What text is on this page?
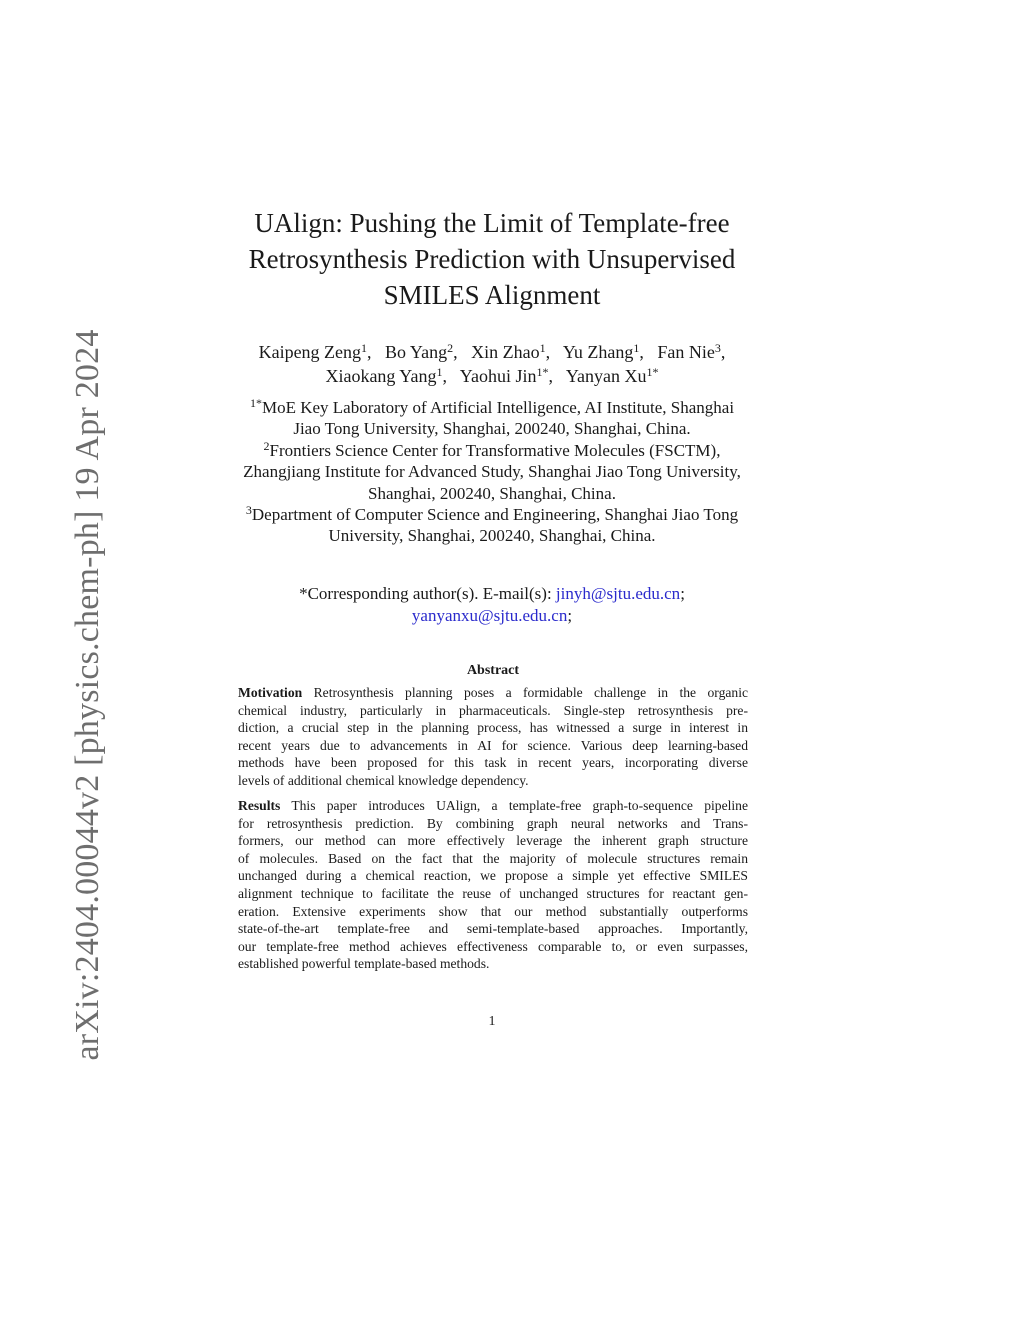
arXiv:2404.00044v2 [physics.chem-ph] 19 Apr 2024
UAlign: Pushing the Limit of Template-free
Retrosynthesis Prediction with Unsupervised
SMILES Alignment
Kaipeng Zeng$^1$, Bo Yang$^2$, Xin Zhao$^1$, Yu Zhang$^1$, Fan Nie$^3$,
Xiaokang Yang$^1$, Yaohui Jin$^{1*}$, Yanyan $Xu^{1*}$
$^{1*}$MoE Key Laboratory of Artificial Intelligence, AI Institute, Shanghai
Jiao Tong University, Shanghai, 200240, Shanghai, China.
$^2$Frontiers Science Center for Transformative Molecules (FSCTM),
Zhangjiang Institute for Advanced Study, Shanghai Jiao Tong University,
Shanghai, 200240, Shanghai, China.
$^3$Department of Computer Science and Engineering, Shanghai Jiao Tong
University, Shanghai, 200240, Shanghai, China.
*Corresponding author(s). E-mail(s): jinyh@sjtu.edu.cn;
yanyanxu@sjtu.edu.cn;
Abstract

Motivation Retrosynthesis planning poses a formidable challenge in the organic
chemical industry, particularly in pharmaceuticals. Single-step retrosynthesis pre-
diction, a crucial step in the planning process, has witnessed a surge in interest in
recent years due to advancements in AI for science. Various deep learning-based
methods have been proposed for this task in recent years, incorporating diverse
levels of additional chemical knowledge dependency.

Results This paper introduces UAlign, a template-free graph-to-sequence pipeline
for retrosynthesis prediction. By combining graph neural networks and Trans-
formers, our method can more effectively leverage the inherent graph structure
of molecules. Based on the fact that the majority of molecule structures remain
unchanged during a chemical reaction, we propose a simple yet effective SMILES
alignment technique to facilitate the reuse of unchanged structures for reactant gen-
eration. Extensive experiments show that our method substantially outperforms
state-of-the-art template-free and semi-template-based approaches. Importantly,
our template-free method achieves effectiveness comparable to, or even surpasses,
established powerful template-based methods.

1
